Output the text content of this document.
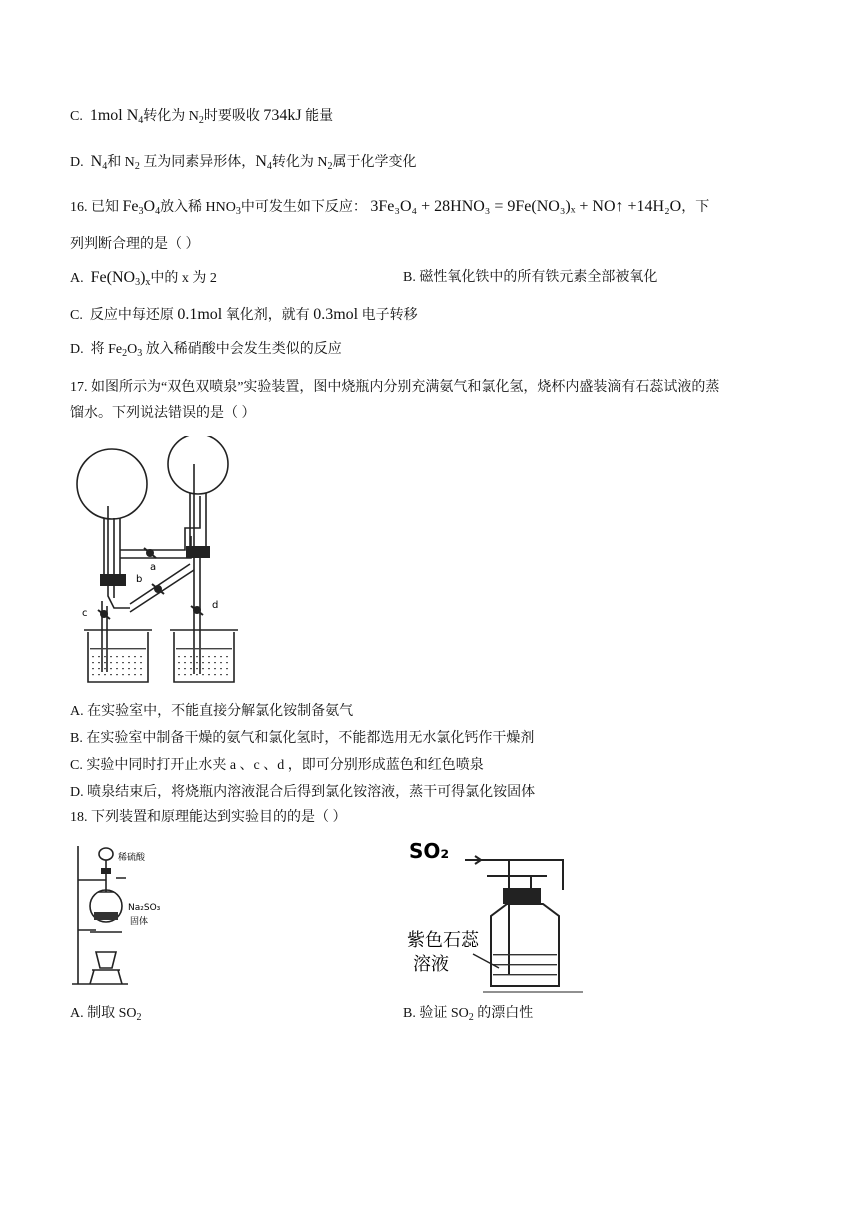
C. 1mol $N_4$转化为 $N_2$时要吸收 734kJ 能量
D. $N_4$和 $N_2$ 互为同素异形体，$N_4$转化为 $N_2$属于化学变化
16. 已知 $Fe_3O_4$放入稀 $HNO_3$中可发生如下反应： 3Fe₃O₄ + 28HNO₃ = 9Fe(NO₃)ₓ + NO↑ +14H₂O，下
列判断合理的是（ ）
A. $Fe(NO_3)_x$中的 x 为 2	B. 磁性氧化铁中的所有铁元素全部被氧化
C. 反应中每还原 0.1mol 氧化剂，就有 0.3mol 电子转移
D. 将 $Fe_2O_3$ 放入稀硝酸中会发生类似的反应
17. 如图所示为“双色双喷泉”实验装置，图中烧瓶内分别充满氨气和氯化氢，烧杯内盛装滴有石蕊试液的蒸
馏水。下列说法错误的是（ ）
a
b
c
d
A. 在实验室中，不能直接分解氯化铵制备氨气
B. 在实验室中制备干燥的氨气和氯化氢时，不能都选用无水氯化钙作干燥剂
C. 实验中同时打开止水夹 a 、c 、d ，即可分别形成蓝色和红色喷泉
D. 喷泉结束后，将烧瓶内溶液混合后得到氯化铵溶液，蒸干可得氯化铵固体
18. 下列装置和原理能达到实验目的的是（ ）
稀硫酸
Na₂SO₃
固体
SO₂
紫色石蕊
溶液
A. 制取 $SO_2$	B. 验证 $SO_2$ 的漂白性
